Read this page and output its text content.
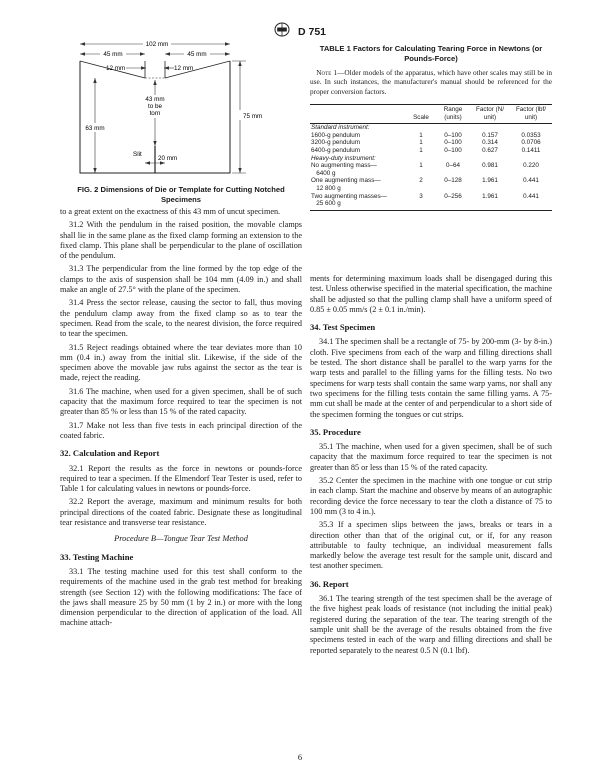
D 751
102 mm
45 mm	45 mm
12 mm	12 mm
43 mm
to be
torn
Slit
20 mm
63 mm
75 mm
FIG. 2 Dimensions of Die or Template for Cutting Notched Specimens
TABLE 1 Factors for Calculating Tearing Force in Newtons (or Pounds-Force)
Note 1—Older models of the apparatus, which have other scales may still be in use. In such instances, the manufacturer's manual should be referenced for the proper conversion factors.
	Scale	Range (units)	Factor (N/ unit)	Factor (lbf/ unit)
Standard instrument:				
1600-g pendulum	1	0–100	0.157	0.0353
3200-g pendulum	1	0–100	0.314	0.0706
6400-g pendulum	1	0–100	0.627	0.1411
Heavy-duty instrument:				
No augmenting mass—
6400 g	1	0–64	0.981	0.220
One augmenting mass—
12 800 g	2	0–128	1.961	0.441
Two augmenting masses—
25 600 g	3	0–256	1.961	0.441

to a great extent on the exactness of this 43 mm of uncut specimen.

31.2 With the pendulum in the raised position, the movable clamps shall lie in the same plane as the fixed clamp forming an extension to the fixed clamp. This plane shall be perpendicular to the plane of oscillation of the pendulum.

31.3 The perpendicular from the line formed by the top edge of the clamps to the axis of suspension shall be 104 mm (4.09 in.) and shall make an angle of 27.5° with the plane of the specimen.

31.4 Press the sector release, causing the sector to fall, thus moving the pendulum clamp away from the fixed clamp so as to tear the specimen. Read from the scale, to the nearest division, the force required to tear the specimen.

31.5 Reject readings obtained where the tear deviates more than 10 mm (0.4 in.) away from the initial slit. Likewise, if the side of the specimen above the movable jaw rubs against the sector as the tear is made, reject the reading.

31.6 The machine, when used for a given specimen, shall be of such capacity that the maximum force required to tear the specimen is not greater than 85 % or less than 15 % of the rated capacity.

31.7 Make not less than five tests in each principal direction of the coated fabric.

32. Calculation and Report

32.1 Report the results as the force in newtons or pounds-force required to tear a specimen. If the Elmendorf Tear Tester is used, refer to Table 1 for calculating values in newtons or pounds-force.

32.2 Report the average, maximum and minimum results for both principal directions of the coated fabric. Designate these as longitudinal tear resistance and transverse tear resistance.

Procedure B—Tongue Tear Test Method
33. Testing Machine

33.1 The testing machine used for this test shall conform to the requirements of the machine used in the grab test method for breaking strength (see Section 12) with the following modifications: The face of the jaws shall measure 25 by 50 mm (1 by 2 in.) or more with the long dimension perpendicular to the direction of application of the load. All machine attach-

ments for determining maximum loads shall be disengaged during this test. Unless otherwise specified in the material specification, the machine shall be adjusted so that the pulling clamp shall have a uniform speed of 0.85 ± 0.05 mm/s (2 ± 0.1 in./min).

34. Test Specimen

34.1 The specimen shall be a rectangle of 75- by 200-mm (3- by 8-in.) cloth. Five specimens from each of the warp and filling directions shall be tested. The short distance shall be parallel to the warp yarns for the warp tests and parallel to the filling yarns for the filling tests. No two specimens for warp tests shall contain the same warp yarns, nor shall any two specimens for the filling tests contain the same filling yarns. A 75-mm cut shall be made at the center of and perpendicular to a short side of the specimen forming the tongues or cut strips.

35. Procedure

35.1 The machine, when used for a given specimen, shall be of such capacity that the maximum force required to tear the specimen is not greater than 85 or less than 15 % of the rated capacity.

35.2 Center the specimen in the machine with one tongue or cut strip in each clamp. Start the machine and observe by means of an autographic recording device the force necessary to tear the cloth a distance of 75 to 100 mm (3 to 4 in.).

35.3 If a specimen slips between the jaws, breaks or tears in a direction other than that of the original cut, or if, for any reason attributable to faulty technique, an individual measurement falls markedly below the average test result for the sample unit, discard and test another specimen.

36. Report

36.1 The tearing strength of the test specimen shall be the average of the five highest peak loads of resistance (not including the initial peak) registered during the separation of the tear. The tearing strength of the sample unit shall be the average of the results obtained from the five specimens tested in each of the warp and filling directions and shall be reported separately to the nearest 0.5 N (0.1 lbf).

6
